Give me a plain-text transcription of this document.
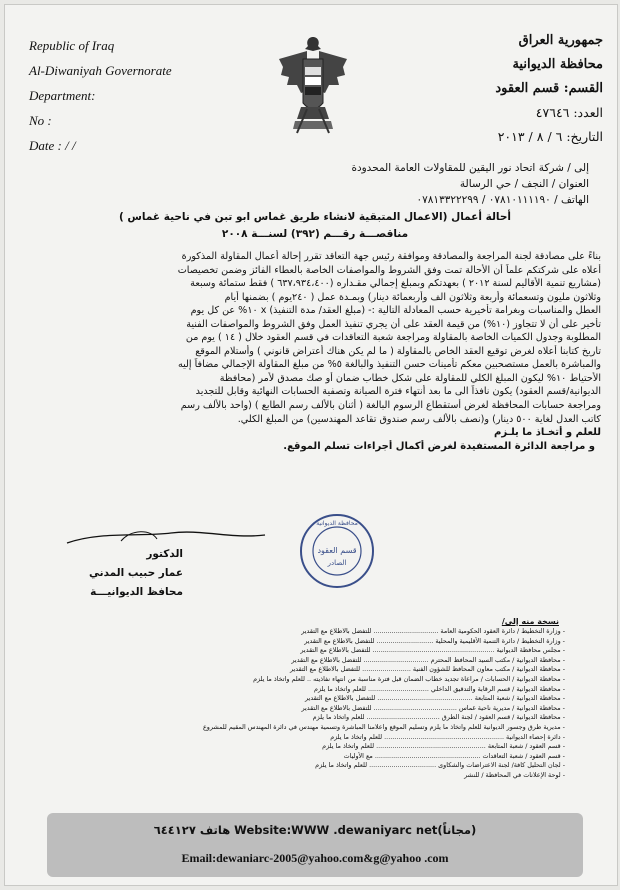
Republic of Iraq
Al-Diwaniyah Governorate
Department:
No :
Date : / /
جمهورية العراق
محافظة الديوانية
القسم: قسم العقود
العدد: ٤٧٦٤٦
التاريخ: ٦ / ٨ / ٢٠١٣
إلى / شركة اتحاد نور اليقين للمقاولات العامة المحدودة
العنوان / النجف / حي الرسالة
الهاتف / ٠٧٨١٠١١١١٩٠ / ٠٧٨١٣٣٢٢٢٩٩
أحالة أعمال (الاعمال المتبقية لانشاء طريق غماس ابو تبن في ناحية غماس )
مناقصـــة رقـــم (٣٩٢) لسنـــة ٢٠٠٨

بناءً على مصادقة لجنة المراجعة والمصادقة وموافقة رئيس جهة التعاقد تقرر إحالة أعمال المقاولة المذكورة

أعلاه على شركتكم علماً أن الأحالة تمت وفق الشروط والمواصفات الخاصة بالعطاء الفائز وضمن تخصيصات

(مشاريع تنمية الأقاليم لسنة ٢٠١٢ ) بعهدتكم وبمبلغ إجمالي مقـداره (٦٣٧،٩٣٤،٤٠٠ ) فقط ستمائة وسبعة

وثلاثون مليون وتسعمائة وأربعة وثلاثون الف وأربعمائة دينار) وبمـدة عمل ( ٢٤٠يوم ) بضمنها أيام

العطل والمناسبات وبغرامة تأخيرية حسب المعادلة التالية :- (مبلغ العقد/ مدة التنفيذ) x ١٠% عن كل يوم

تأخير على أن لا تتجاوز (١٠%) من قيمة العقد على أن يجري تنفيذ العمل وفق الشروط والمواصفات الفنية

المطلوبة وجدول الكميات الخاصة بالمقاولة ومراجعة شعبة التعاقدات في قسم العقود خلال ( ١٤ ) يوم من

تاريخ كتابنا أعلاه لغرض توقيع العقد الخاص بالمقاولة ( ما لم يكن هناك أعتراض قانوني ) وأستلام الموقع

والمباشرة بالعمل مستصحبين معكم تأمينات حسن التنفيذ والبالغة ٥% من مبلغ المقاولة الإجمالي مضافاً إليه

الأحتياط ١٠% ليكون المبلغ الكلي للمقاولة على شكل خطاب ضمان أو صك مصدق لأمر (محافظة

الديوانية/قسم العقود) يكون نافذاً الى ما بعد أنتهاء فترة الصيانة وتصفية الحسابات النهائية وقابل للتجديد

ومراجعة حسابات المحافظة لغرض أستقطاع الرسوم البالغة ( أثنان بالألف رسم الطابع ) (واحد بالألف رسم

كاتب العدل لغاية ٥٠٠ دينار) و(نصف بالألف رسم صندوق تقاعد المهندسين) من المبلغ الكلي.

للعلم و أتخـاذ ما يلـزم

و مراجعة الدائرة المستفيدة لغرض أكمال أجراءات تسلم الموقع.

محافظة الديوانية
قسم العقود
الصادر
الدكتور
عمار حبيب المدني
محافظ الديوانيـــة
نسخة منه إلى/
- وزارة التخطيط / دائرة العقود الحكومية العامة ................................ للتفضل بالاطلاع مع التقدير
- وزارة التخطيط / دائرة التنمية الأقليمية والمحلية ............................ للتفضل بالاطلاع مع التقدير
- مجلس محافظة الديوانية ............................................................ للتفضل بالاطلاع مع التقدير
- محافظة الديوانية / مكتب السيد المحافظ المحترم ................................ للتفضل بالاطلاع مع التقدير
- محافظة الديوانية / مكتب معاون المحافظ للشؤون الفنية ........................ للتفضل بالاطلاع مع التقدير
- محافظة الديوانية / الحسابات / مراعاة تجديد خطاب الضمان قبل فترة مناسبة من انتهاء نفاذيته .. للعلم واتخاذ ما يلزم
- محافظة الديوانية / قسم الرقابة والتدقيق الداخلي .............................. للعلم واتخاذ ما يلزم
- محافظة الديوانية / شعبة المتابعة ............................................... للتفضل بالاطلاع مع التقدير
- محافظة الديوانية / مديرية ناحية غماس ......................................... للتفضل بالاطلاع مع التقدير
- محافظة الديوانية / قسم العقود / لجنة الطرق .................................... للعلم واتخاذ ما يلزم
- مديرية طرق وجسور الديوانية للعلم واتخاذ ما يلزم وتسليم الموقع واعلامنا المباشرة وتسمية مهندس في دائرة المهندس المقيم للمشروع
- دائرة إحصاء الديوانية ........................................................... للعلم واتخاذ ما يلزم
- قسم العقود / شعبة المتابعة ...................................................... للعلم واتخاذ ما يلزم
- قسم العقود / شعبة التعاقدات .................................................... مع الأوليات
- لجان التحليل كافة/ لجنة الاعتراضات والشكاوى ................................. للعلم واتخاذ ما يلزم
- لوحة الإعلانات في المحافظة / للنشر
هاتف ٦٤٤١٢٧ Website:WWW .dewaniyarc net(مجاناً)
Email:dewaniarc-2005@yahoo.com&g@yahoo .com
